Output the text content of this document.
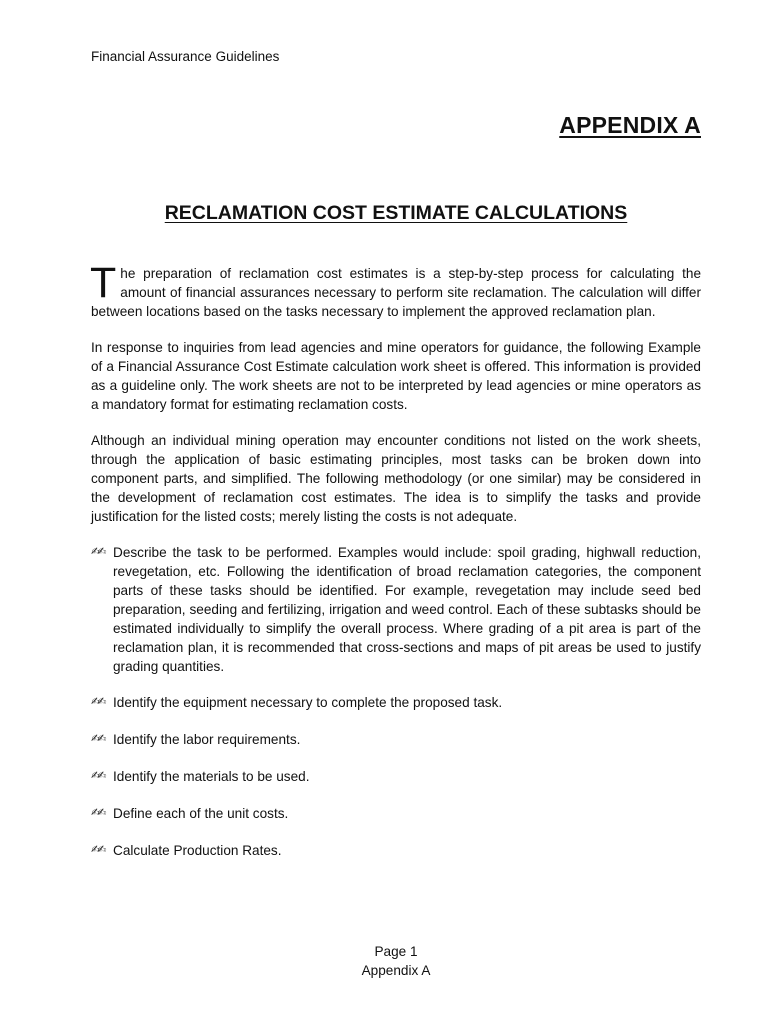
Financial Assurance Guidelines
APPENDIX A
RECLAMATION COST ESTIMATE CALCULATIONS

The preparation of reclamation cost estimates is a step-by-step process for calculating the amount of financial assurances necessary to perform site reclamation. The calculation will differ between locations based on the tasks necessary to implement the approved reclamation plan.

In response to inquiries from lead agencies and mine operators for guidance, the following Example of a Financial Assurance Cost Estimate calculation work sheet is offered. This information is provided as a guideline only. The work sheets are not to be interpreted by lead agencies or mine operators as a mandatory format for estimating reclamation costs.

Although an individual mining operation may encounter conditions not listed on the work sheets, through the application of basic estimating principles, most tasks can be broken down into component parts, and simplified. The following methodology (or one similar) may be considered in the development of reclamation cost estimates. The idea is to simplify the tasks and provide justification for the listed costs; merely listing the costs is not adequate.

✍✍ Describe the task to be performed. Examples would include: spoil grading, highwall reduction, revegetation, etc. Following the identification of broad reclamation categories, the component parts of these tasks should be identified. For example, revegetation may include seed bed preparation, seeding and fertilizing, irrigation and weed control. Each of these subtasks should be estimated individually to simplify the overall process. Where grading of a pit area is part of the reclamation plan, it is recommended that cross-sections and maps of pit areas be used to justify grading quantities.
✍✍ Identify the equipment necessary to complete the proposed task.
✍✍ Identify the labor requirements.
✍✍ Identify the materials to be used.
✍✍ Define each of the unit costs.
✍✍ Calculate Production Rates.
Page 1
Appendix A
